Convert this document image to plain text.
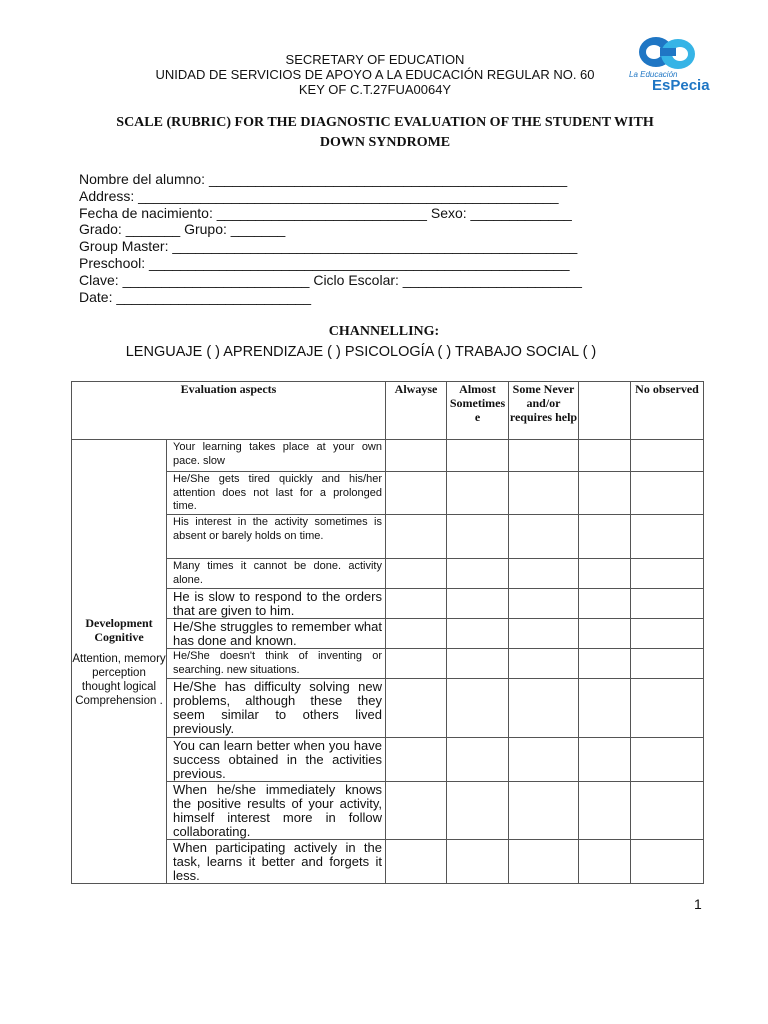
SECRETARY OF EDUCATION
UNIDAD DE SERVICIOS DE APOYO A LA EDUCACIÓN REGULAR NO. 60
KEY OF C.T.27FUA0064Y
La Educación
EsPecial
SCALE (RUBRIC) FOR THE DIAGNOSTIC EVALUATION OF THE STUDENT WITH
DOWN SYNDROME
Nombre del alumno: ______________________________________________
Address: ______________________________________________________
Fecha de nacimiento: ___________________________ Sexo: _____________
Grado: _______ Grupo: _______
Group Master: ____________________________________________________
Preschool: ______________________________________________________
Clave: ________________________ Ciclo Escolar: _______________________
Date: _________________________
CHANNELLING:
LENGUAJE ( ) APRENDIZAJE ( ) PSICOLOGÍA ( ) TRABAJO SOCIAL ( )
Evaluation aspects		Alwayse	Almost Sometimes e	Some Never and/or requires help		No observed

Development Cognitive
Attention, memory perception thought logical Comprehension .	Your learning takes place at your own pace. slow					
	He/She gets tired quickly and his/her attention does not last for a prolonged time.					
	His interest in the activity sometimes is absent or barely holds on time.					
	Many times it cannot be done. activity alone.					
	He is slow to respond to the orders that are given to him.					
	He/She struggles to remember what has done and known.					
	He/She doesn't think of inventing or searching. new situations.					
	He/She has difficulty solving new problems, although these they seem similar to others lived previously.					
	You can learn better when you have success obtained in the activities previous.					
	When he/she immediately knows the positive results of your activity, himself interest more in follow collaborating.					
	When participating actively in the task, learns it better and forgets it less.					
1
